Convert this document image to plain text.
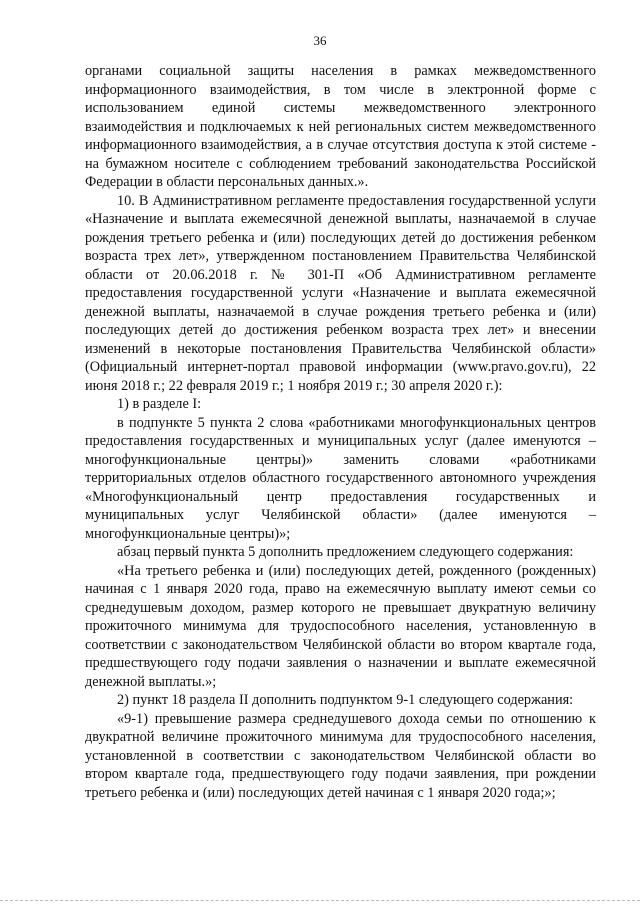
36

органами социальной защиты населения в рамках межведомственного информационного взаимодействия, в том числе в электронной форме с использованием единой системы межведомственного электронного взаимодействия и подключаемых к ней региональных систем межведомственного информационного взаимодействия, а в случае отсутствия доступа к этой системе - на бумажном носителе с соблюдением требований законодательства Российской Федерации в области персональных данных.».

10. В Административном регламенте предоставления государственной услуги «Назначение и выплата ежемесячной денежной выплаты, назначаемой в случае рождения третьего ребенка и (или) последующих детей до достижения ребенком возраста трех лет», утвержденном постановлением Правительства Челябинской области от 20.06.2018 г. № 301-П «Об Административном регламенте предоставления государственной услуги «Назначение и выплата ежемесячной денежной выплаты, назначаемой в случае рождения третьего ребенка и (или) последующих детей до достижения ребенком возраста трех лет» и внесении изменений в некоторые постановления Правительства Челябинской области» (Официальный интернет-портал правовой информации (www.pravo.gov.ru), 22 июня 2018 г.; 22 февраля 2019 г.; 1 ноября 2019 г.; 30 апреля 2020 г.):

1) в разделе I:

в подпункте 5 пункта 2 слова «работниками многофункциональных центров предоставления государственных и муниципальных услуг (далее именуются – многофункциональные центры)» заменить словами «работниками территориальных отделов областного государственного автономного учреждения «Многофункциональный центр предоставления государственных и муниципальных услуг Челябинской области» (далее именуются – многофункциональные центры)»;

абзац первый пункта 5 дополнить предложением следующего содержания:

«На третьего ребенка и (или) последующих детей, рожденного (рожденных) начиная с 1 января 2020 года, право на ежемесячную выплату имеют семьи со среднедушевым доходом, размер которого не превышает двукратную величину прожиточного минимума для трудоспособного населения, установленную в соответствии с законодательством Челябинской области во втором квартале года, предшествующего году подачи заявления о назначении и выплате ежемесячной денежной выплаты.»;

2) пункт 18 раздела II дополнить подпунктом 9-1 следующего содержания:

«9-1) превышение размера среднедушевого дохода семьи по отношению к двукратной величине прожиточного минимума для трудоспособного населения, установленной в соответствии с законодательством Челябинской области во втором квартале года, предшествующего году подачи заявления, при рождении третьего ребенка и (или) последующих детей начиная с 1 января 2020 года;»;
